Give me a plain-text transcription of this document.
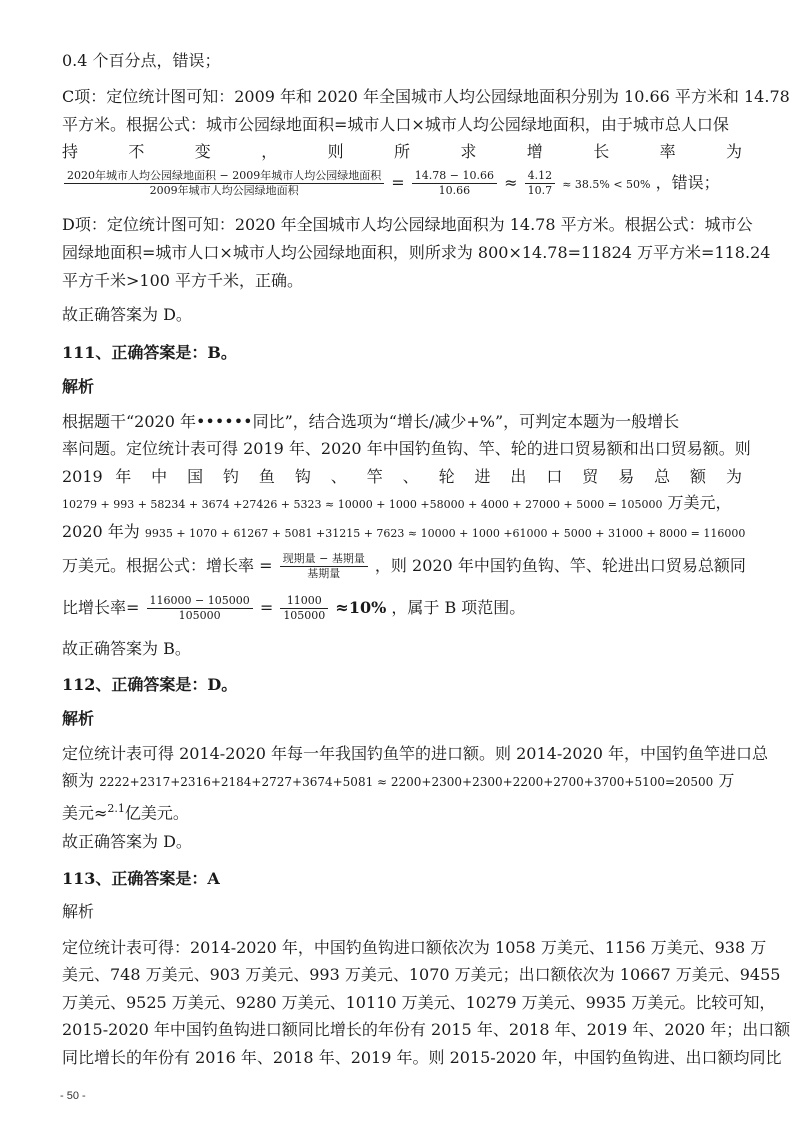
0.4 个百分点，错误；
C项：定位统计图可知：2009 年和 2020 年全国城市人均公园绿地面积分别为 10.66 平方米和 14.78
平方米。根据公式：城市公园绿地面积=城市人口×城市人均公园绿地面积，由于城市总人口保
持 不 变 ， 则 所 求 增 长 率 为
$\frac{\text{2020年城市人均公园绿地面积 − 2009年城市人均公园绿地面积}}{\text{2009年城市人均公园绿地面积}} = \frac{14.78 - 10.66}{10.66} \approx \frac{4.12}{10.7} \approx 38.5\% < 50\%$ ，错误；
D项：定位统计图可知：2020 年全国城市人均公园绿地面积为 14.78 平方米。根据公式：城市公
园绿地面积=城市人口×城市人均公园绿地面积，则所求为 800×14.78=11824 万平方米=118.24
平方千米>100 平方千米，正确。
故正确答案为 D。
111、正确答案是：B。
解析
根据题干“2020 年••••••同比”，结合选项为“增长/减少+%”，可判定本题为一般增长
率问题。定位统计表可得 2019 年、2020 年中国钓鱼钩、竿、轮的进口贸易额和出口贸易额。则
2019 年 中 国 钓 鱼 钩 、 竿 、 轮 进 出 口 贸 易 总 额 为
10279 + 993 + 58234 + 3674 +27426 + 5323 ≈ 10000 + 1000 +58000 + 4000 + 27000 + 5000 = 105000 万美元，
2020 年为 9935 + 1070 + 61267 + 5081 +31215 + 7623 ≈ 10000 + 1000 +61000 + 5000 + 31000 + 8000 = 116000
万美元。根据公式：增长率 = $\frac{\text{现期量 − 基期量}}{\text{基期量}}$ ，则 2020 年中国钓鱼钩、竿、轮进出口贸易总额同
比增长率= $\frac{116000 - 105000}{105000} = \frac{11000}{105000} \approx 10\%$ ，属于 B 项范围。
故正确答案为 B。
112、正确答案是：D。
解析
定位统计表可得 2014-2020 年每一年我国钓鱼竿的进口额。则 2014-2020 年，中国钓鱼竿进口总
额为 2222+2317+2316+2184+2727+3674+5081 ≈ 2200+2300+2300+2200+2700+3700+5100=20500 万
美元≈$^{2.1}$亿美元。
故正确答案为 D。
113、正确答案是：A
解析
定位统计表可得：2014-2020 年，中国钓鱼钩进口额依次为 1058 万美元、1156 万美元、938 万
美元、748 万美元、903 万美元、993 万美元、1070 万美元；出口额依次为 10667 万美元、9455
万美元、9525 万美元、9280 万美元、10110 万美元、10279 万美元、9935 万美元。比较可知，
2015-2020 年中国钓鱼钩进口额同比增长的年份有 2015 年、2018 年、2019 年、2020 年；出口额
同比增长的年份有 2016 年、2018 年、2019 年。则 2015-2020 年，中国钓鱼钩进、出口额均同比
- 50 -
